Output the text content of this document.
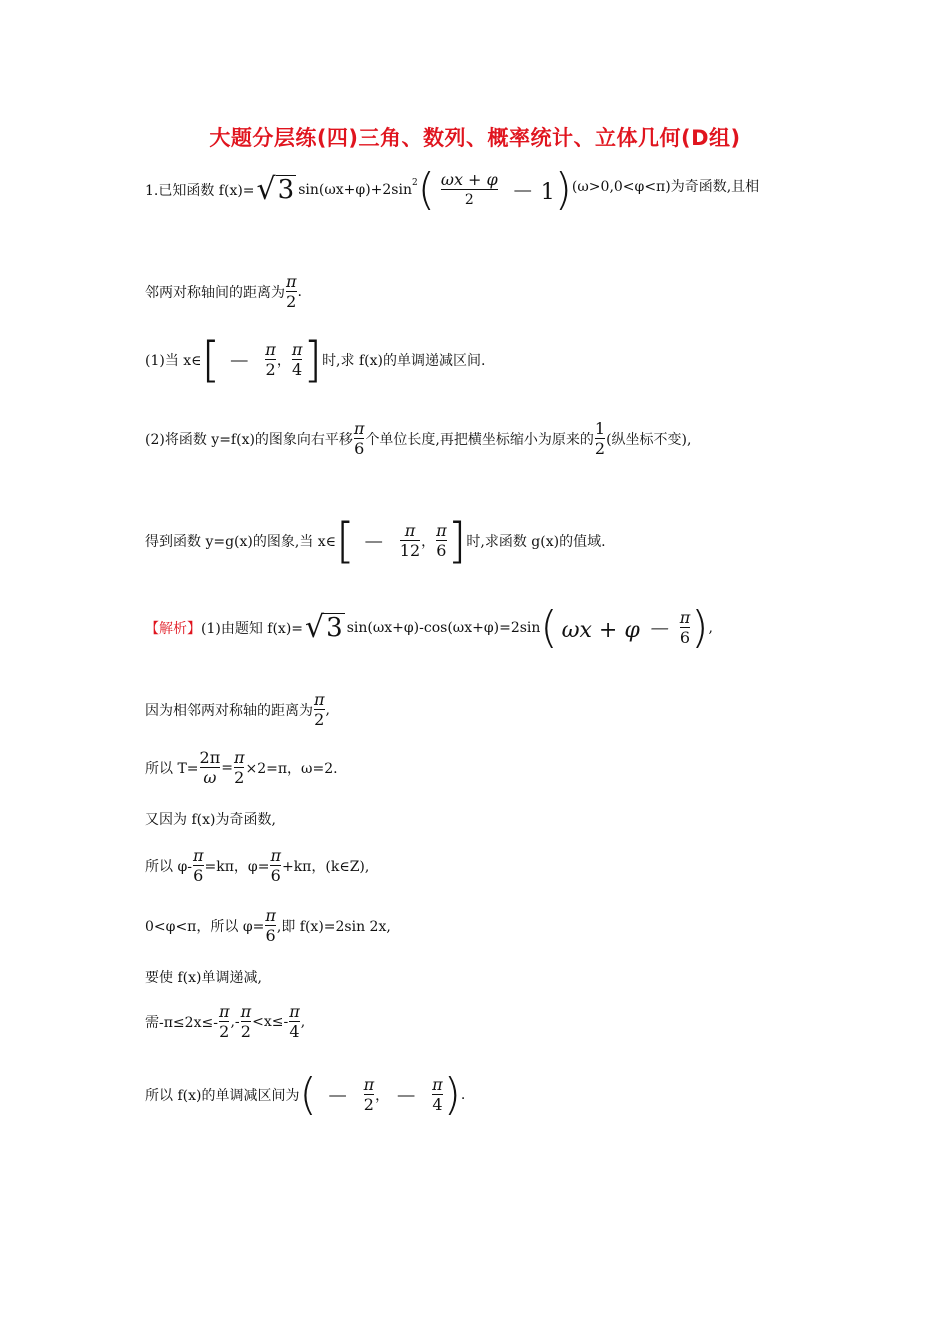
大题分层练(四)三角、数列、概率统计、立体几何(D组)
1.已知函数 f(x)= √ 3 $\sin(\omega x+\varphi)+2\sin^2$ ( $\frac{\omega x + \varphi}{2} - 1$ ) (ω>0,0<φ<π)为奇函数,且相
邻两对称轴间的距离为 $\frac{\pi}{2}$ .
(1)当 x∈ [ － $\frac{\pi}{2}$ ， $\frac{\pi}{4}$ ] 时,求 f(x)的单调递减区间.
(2)将函数 y=f(x)的图象向右平移 $\frac{\pi}{6}$ 个单位长度,再把横坐标缩小为原来的 $\frac{1}{2}$ (纵坐标不变),
得到函数 y=g(x)的图象,当 x∈ [ － $\frac{\pi}{12}$ ， $\frac{\pi}{6}$ ] 时,求函数 g(x)的值域.
【解析】 (1)由题知 f(x)= √ 3 sin(ωx+φ)-cos(ωx+φ)=2sin ( $\omega x + \varphi - \frac{\pi}{6}$ ) ,
因为相邻两对称轴的距离为 $\frac{\pi}{2}$ ,
所以 $T= \frac{2\pi}{\omega} = \frac{\pi}{2} \times 2=\pi$，ω=2.
又因为 f(x)为奇函数,
所以 $\varphi- \frac{\pi}{6} =k\pi$，$\varphi= \frac{\pi}{6} +k\pi$，(k∈Z),
0<φ<π，所以 $\varphi= \frac{\pi}{6}$ ,即 f(x)=2sin 2x,
要使 f(x)单调递减,
需$-\pi\le 2x\le- \frac{\pi}{2}$ ,- $\frac{\pi}{2} <x\le- \frac{\pi}{4}$ ,
所以 f(x)的单调减区间为 ( － $\frac{\pi}{2}$ ， － $\frac{\pi}{4}$ ) .
